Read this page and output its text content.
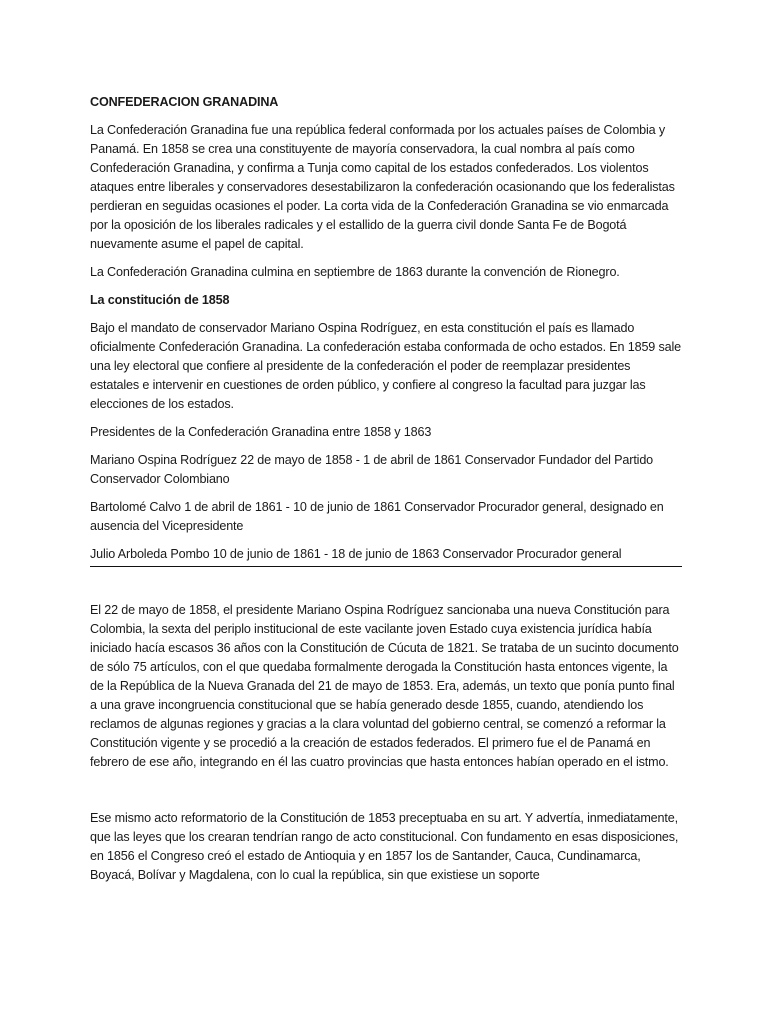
CONFEDERACION GRANADINA

La Confederación Granadina fue una república federal conformada por los actuales países de Colombia y Panamá. En 1858 se crea una constituyente de mayoría conservadora, la cual nombra al país como Confederación Granadina, y confirma a Tunja como capital de los estados confederados. Los violentos ataques entre liberales y conservadores desestabilizaron la confederación ocasionando que los federalistas perdieran en seguidas ocasiones el poder. La corta vida de la Confederación Granadina se vio enmarcada por la oposición de los liberales radicales y el estallido de la guerra civil donde Santa Fe de Bogotá nuevamente asume el papel de capital.

La Confederación Granadina culmina en septiembre de 1863 durante la convención de Rionegro.

La constitución de 1858

Bajo el mandato de conservador Mariano Ospina Rodríguez, en esta constitución el país es llamado oficialmente Confederación Granadina. La confederación estaba conformada de ocho estados. En 1859 sale una ley electoral que confiere al presidente de la confederación el poder de reemplazar presidentes estatales e intervenir en cuestiones de orden público, y confiere al congreso la facultad para juzgar las elecciones de los estados.

Presidentes de la Confederación Granadina entre 1858 y 1863

Mariano Ospina Rodríguez 22 de mayo de 1858 - 1 de abril de 1861 Conservador Fundador del Partido Conservador Colombiano

Bartolomé Calvo 1 de abril de 1861 - 10 de junio de 1861 Conservador Procurador general, designado en ausencia del Vicepresidente

Julio Arboleda Pombo 10 de junio de 1861 - 18 de junio de 1863 Conservador Procurador general

El 22 de mayo de 1858, el presidente Mariano Ospina Rodríguez sancionaba una nueva Constitución para Colombia, la sexta del periplo institucional de este vacilante joven Estado cuya existencia jurídica había iniciado hacía escasos 36 años con la Constitución de Cúcuta de 1821. Se trataba de un sucinto documento de sólo 75 artículos, con el que quedaba formalmente derogada la Constitución hasta entonces vigente, la de la República de la Nueva Granada del 21 de mayo de 1853. Era, además, un texto que ponía punto final a una grave incongruencia constitucional que se había generado desde 1855, cuando, atendiendo los reclamos de algunas regiones y gracias a la clara voluntad del gobierno central, se comenzó a reformar la Constitución vigente y se procedió a la creación de estados federados. El primero fue el de Panamá en febrero de ese año, integrando en él las cuatro provincias que hasta entonces habían operado en el istmo.

Ese mismo acto reformatorio de la Constitución de 1853 preceptuaba en su art. Y advertía, inmediatamente, que las leyes que los crearan tendrían rango de acto constitucional. Con fundamento en esas disposiciones, en 1856 el Congreso creó el estado de Antioquia y en 1857 los de Santander, Cauca, Cundinamarca, Boyacá, Bolívar y Magdalena, con lo cual la república, sin que existiese un soporte
